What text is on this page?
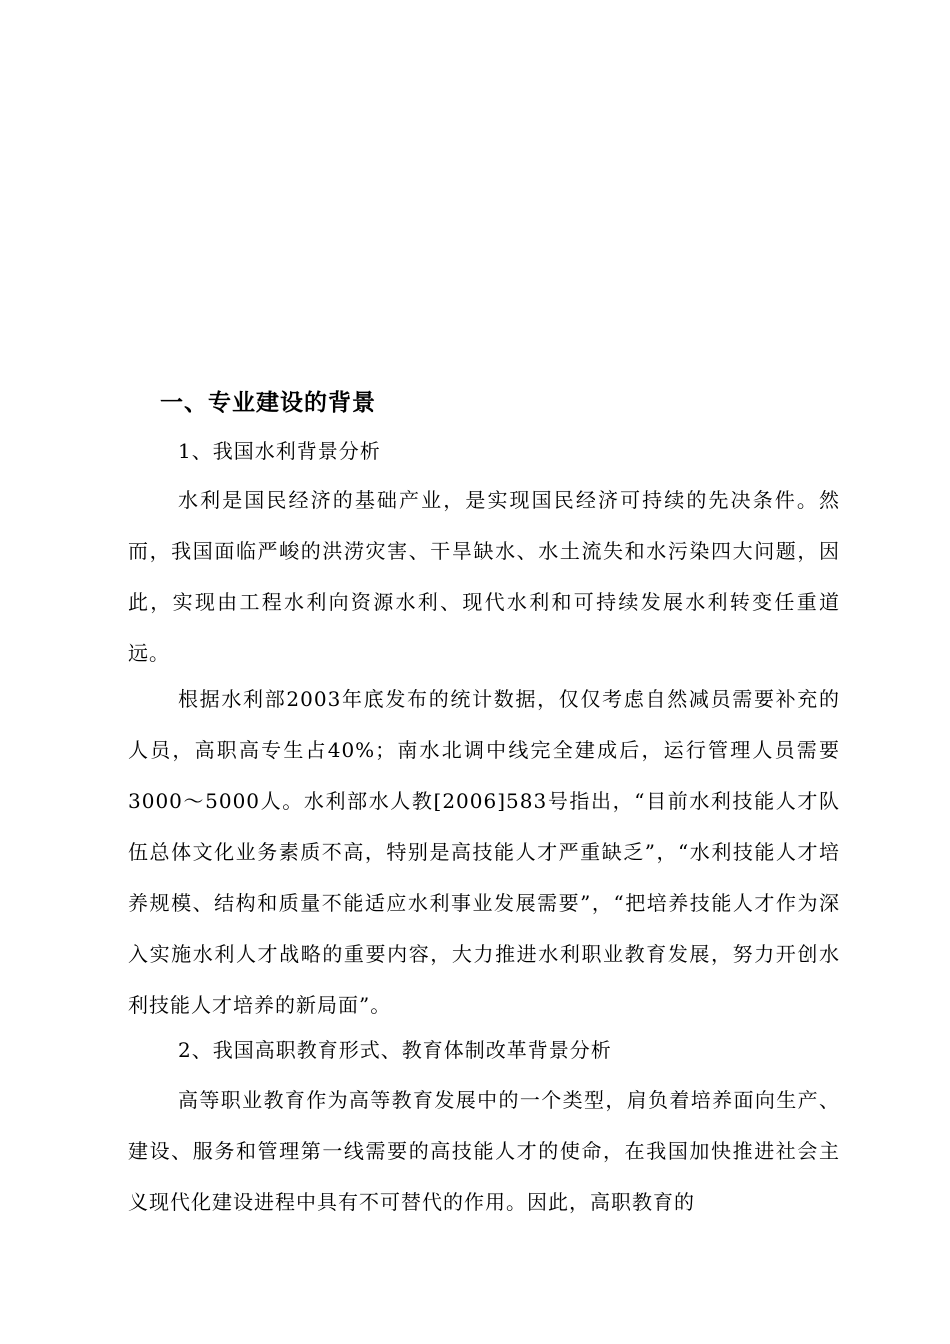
一、专业建设的背景
1、我国水利背景分析
水利是国民经济的基础产业，是实现国民经济可持续的先决条件。然而，我国面临严峻的洪涝灾害、干旱缺水、水土流失和水污染四大问题，因此，实现由工程水利向资源水利、现代水利和可持续发展水利转变任重道远。
根据水利部2003年底发布的统计数据，仅仅考虑自然减员需要补充的人员，高职高专生占40%；南水北调中线完全建成后，运行管理人员需要3000～5000人。水利部水人教[2006]583号指出，“目前水利技能人才队伍总体文化业务素质不高，特别是高技能人才严重缺乏”，“水利技能人才培养规模、结构和质量不能适应水利事业发展需要”，“把培养技能人才作为深入实施水利人才战略的重要内容，大力推进水利职业教育发展，努力开创水利技能人才培养的新局面”。
2、我国高职教育形式、教育体制改革背景分析
高等职业教育作为高等教育发展中的一个类型，肩负着培养面向生产、建设、服务和管理第一线需要的高技能人才的使命，在我国加快推进社会主义现代化建设进程中具有不可替代的作用。因此，高职教育的
